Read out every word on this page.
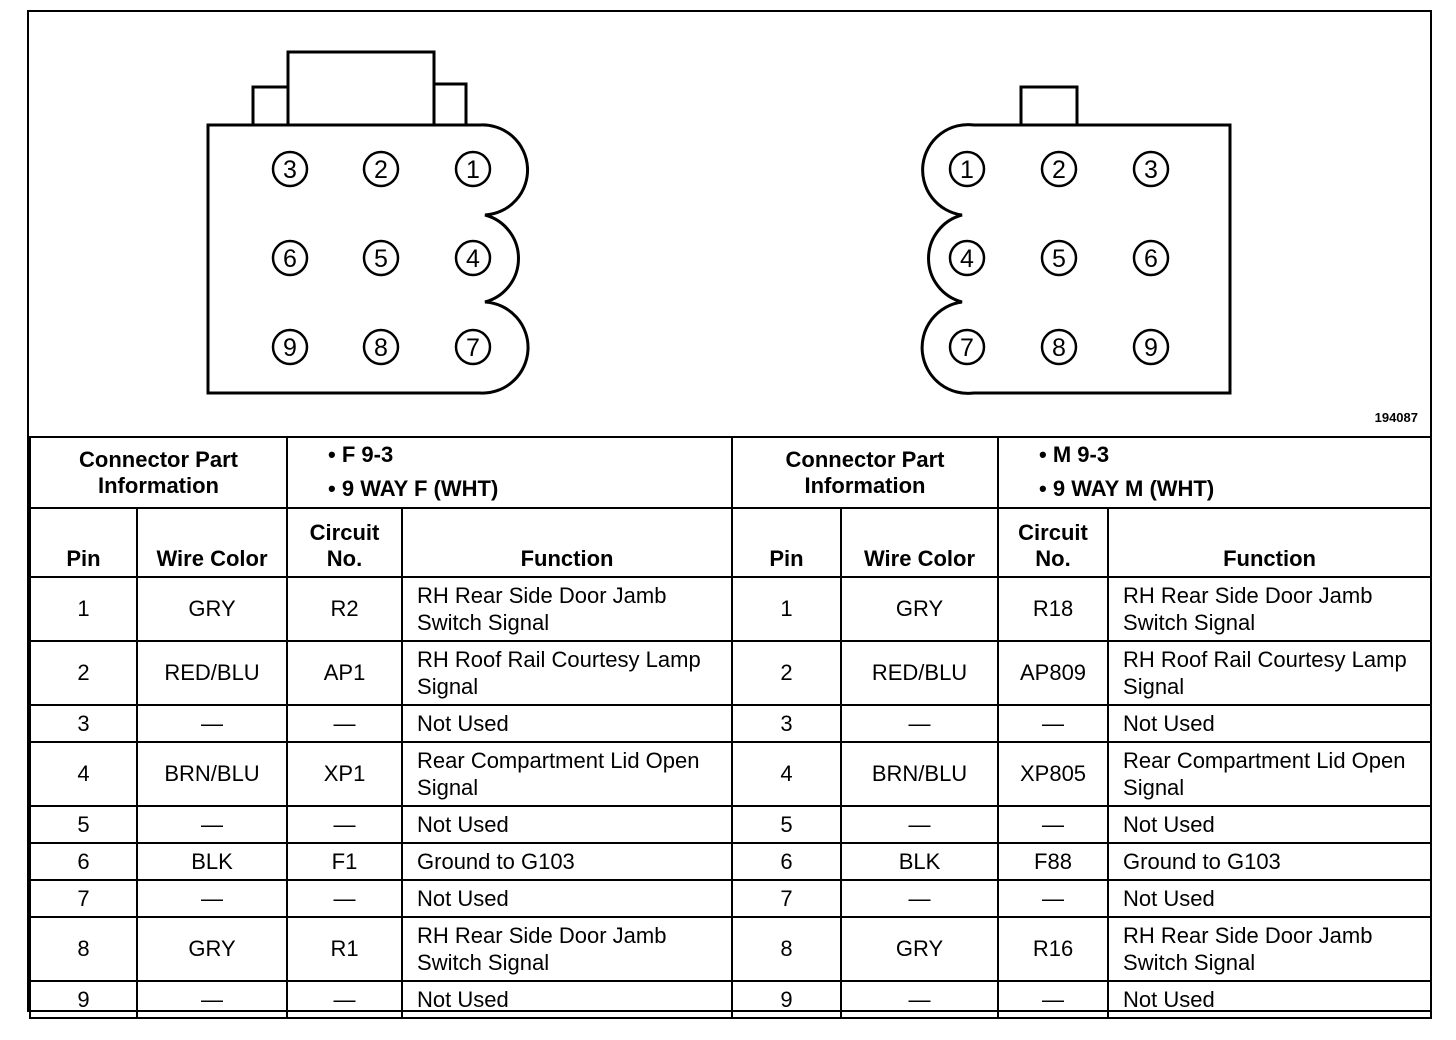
3	2	1
6	5	4
9	8	7
1	2	3
4	5	6
7	8	9
194087
Connector Part Information		• F 9-3
• 9 WAY F (WHT)	

Pin	Wire Color	Circuit No.	Function
1	GRY	R2	RH Rear Side Door Jamb Switch Signal
2	RED/BLU	AP1	RH Roof Rail Courtesy Lamp Signal
3	—	—	Not Used
4	BRN/BLU	XP1	Rear Compartment Lid Open Signal
5	—	—	Not Used
6	BLK	F1	Ground to G103
7	—	—	Not Used
8	GRY	R1	RH Rear Side Door Jamb Switch Signal
9	—	—	Not Used
Connector Part Information		• M 9-3
• 9 WAY M (WHT)	

Pin	Wire Color	Circuit No.	Function
1	GRY	R18	RH Rear Side Door Jamb Switch Signal
2	RED/BLU	AP809	RH Roof Rail Courtesy Lamp Signal
3	—	—	Not Used
4	BRN/BLU	XP805	Rear Compartment Lid Open Signal
5	—	—	Not Used
6	BLK	F88	Ground to G103
7	—	—	Not Used
8	GRY	R16	RH Rear Side Door Jamb Switch Signal
9	—	—	Not Used
